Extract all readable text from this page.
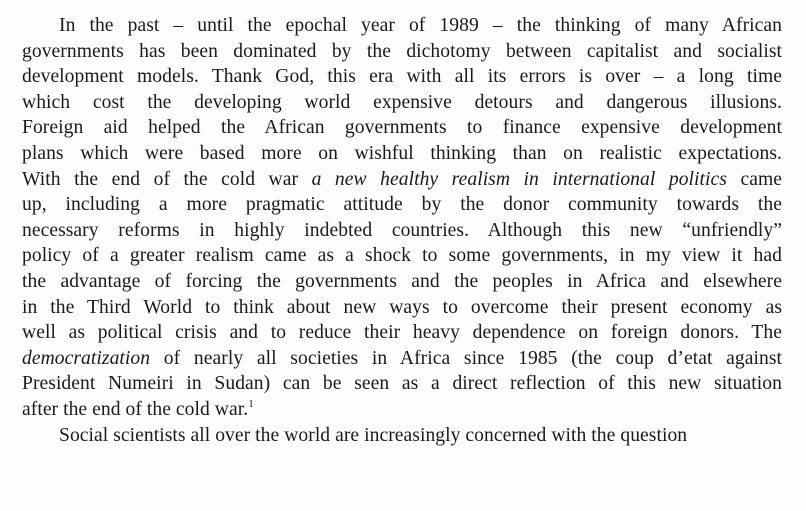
In the past – until the epochal year of 1989 – the thinking of many African
governments has been dominated by the dichotomy between capitalist and socialist
development models. Thank God, this era with all its errors is over – a long time
which cost the developing world expensive detours and dangerous illusions.
Foreign aid helped the African governments to finance expensive development
plans which were based more on wishful thinking than on realistic expectations.
With the end of the cold war a new healthy realism in international politics came
up, including a more pragmatic attitude by the donor community towards the
necessary reforms in highly indebted countries. Although this new “unfriendly”
policy of a greater realism came as a shock to some governments, in my view it had
the advantage of forcing the governments and the peoples in Africa and elsewhere
in the Third World to think about new ways to overcome their present economy as
well as political crisis and to reduce their heavy dependence on foreign donors. The
democratization of nearly all societies in Africa since 1985 (the coup d’etat against
President Numeiri in Sudan) can be seen as a direct reflection of this new situation
after the end of the cold war.$^1$
Social scientists all over the world are increasingly concerned with the question
